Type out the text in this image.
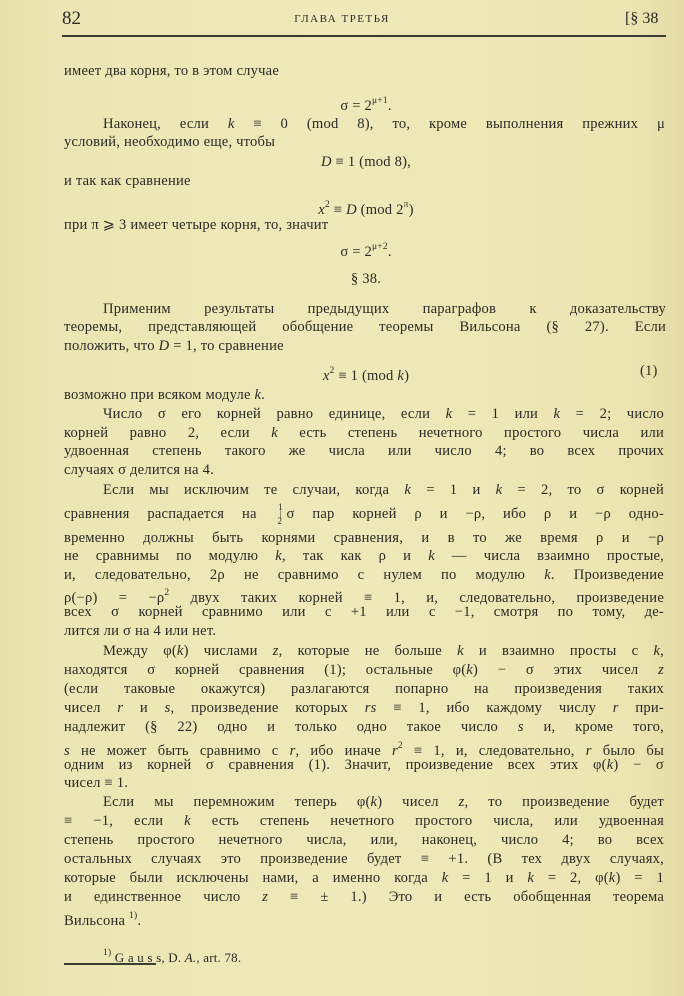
82	ГЛАВА ТРЕТЬЯ	[§ 38
имеет два корня, то в этом случае
$\sigma = 2^{\mu+1}$.
Наконец, если k ≡ 0 (mod 8), то, кроме выполнения прежних μ
условий, необходимо еще, чтобы
D ≡ 1 (mod 8),
и так как сравнение
$x^2 \equiv D$ (mod $2^\pi$)
при π ⩾ 3 имеет четыре корня, то, значит
$\sigma = 2^{\mu+2}$.
§ 38.
Применим результаты предыдущих параграфов к доказательству
теоремы, представляющей обобщение теоремы Вильсона (§ 27). Если
положить, что D = 1, то сравнение
$x^2 \equiv 1$ (mod k)	(1)
возможно при всяком модуле k.
Число σ его корней равно единице, если k = 1 или k = 2; число
корней равно 2, если k есть степень нечетного простого числа или
удвоенная степень такого же числа или число 4; во всех прочих
случаях σ делится на 4.
Если мы исключим те случаи, когда k = 1 и k = 2, то σ корней
сравнения распадается на 1|2 σ пар корней ρ и −ρ, ибо ρ и −ρ одно-
временно должны быть корнями сравнения, и в то же время ρ и −ρ
не сравнимы по модулю k, так как ρ и k — числа взаимно простые,
и, следовательно, 2ρ не сравнимо с нулем по модулю k. Произведение
$\rho(-\rho) = -\rho^2$ двух таких корней ≡ 1, и, следовательно, произведение
всех σ корней сравнимо или с +1 или с −1, смотря по тому, де-
лится ли σ на 4 или нет.
Между φ(k) числами z, которые не больше k и взаимно просты с k,
находятся σ корней сравнения (1); остальные φ(k) − σ этих чисел z
(если таковые окажутся) разлагаются попарно на произведения таких
чисел r и s, произведение которых rs ≡ 1, ибо каждому числу r при-
надлежит (§ 22) одно и только одно такое число s и, кроме того,
s не может быть сравнимо с r, ибо иначе $r^2 \equiv 1$, и, следовательно, r было бы
одним из корней σ сравнения (1). Значит, произведение всех этих φ(k) − σ
чисел ≡ 1.
Если мы перемножим теперь φ(k) чисел z, то произведение будет
≡ −1, если k есть степень нечетного простого числа, или удвоенная
степень простого нечетного числа, или, наконец, число 4; во всех
остальных случаях это произведение будет ≡ +1. (В тех двух случаях,
которые были исключены нами, а именно когда k = 1 и k = 2, φ(k) = 1
и единственное число z ≡ ± 1.) Это и есть обобщенная теорема
Вильсона $^{1)}$.
$^{1)}$ G a u s s, D. A., art. 78.
